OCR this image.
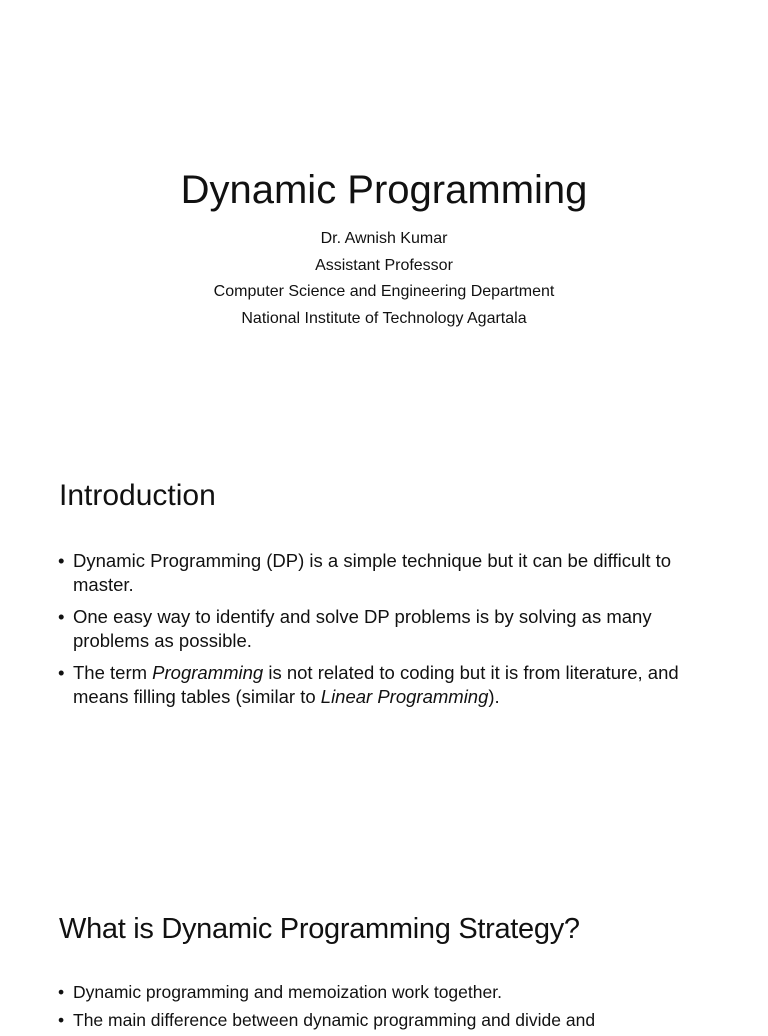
Dynamic Programming
Dr. Awnish Kumar
Assistant Professor
Computer Science and Engineering Department
National Institute of Technology Agartala
Introduction
• Dynamic Programming (DP) is a simple technique but it can be difficult to master.
• One easy way to identify and solve DP problems is by solving as many problems as possible.
• The term Programming is not related to coding but it is from literature, and means filling tables (similar to Linear Programming).
What is Dynamic Programming Strategy?
• Dynamic programming and memoization work together.
• The main difference between dynamic programming and divide and
